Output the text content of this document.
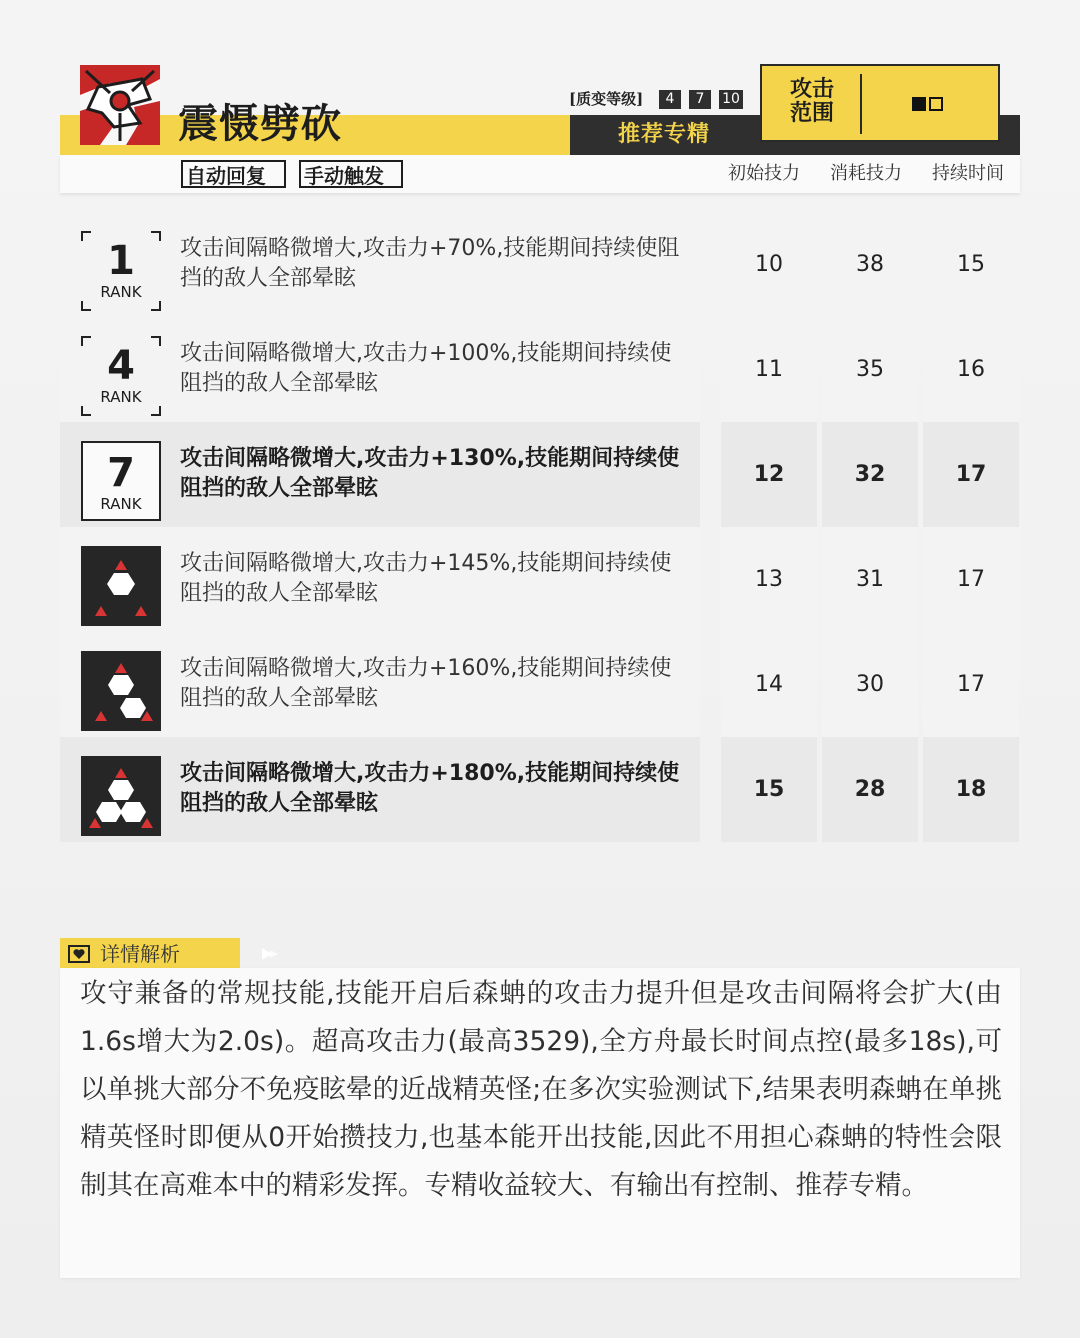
震慑劈砍
自动回复	手动触发
[质变等级]	4	7	10
推荐专精
攻击
范围
初始技力 消耗技力 持续时间
1
RANK
攻击间隔略微增大,攻击力+70%,技能期间持续使阻挡的敌人全部晕眩
10	38	15
4
RANK
攻击间隔略微增大,攻击力+100%,技能期间持续使阻挡的敌人全部晕眩
11	35	16
7
RANK
攻击间隔略微增大,攻击力+130%,技能期间持续使阻挡的敌人全部晕眩
12	32	17
攻击间隔略微增大,攻击力+145%,技能期间持续使阻挡的敌人全部晕眩
13	31	17
攻击间隔略微增大,攻击力+160%,技能期间持续使阻挡的敌人全部晕眩
14	30	17
攻击间隔略微增大,攻击力+180%,技能期间持续使阻挡的敌人全部晕眩
15	28	18
详情解析
攻守兼备的常规技能,技能开启后森蚺的攻击力提升但是攻击间隔将会扩大(由1.6s增大为2.0s)。超高攻击力(最高3529),全方舟最长时间点控(最多18s),可以单挑大部分不免疫眩晕的近战精英怪;在多次实验测试下,结果表明森蚺在单挑精英怪时即便从0开始攒技力,也基本能开出技能,因此不用担心森蚺的特性会限制其在高难本中的精彩发挥。专精收益较大、有输出有控制、推荐专精。
